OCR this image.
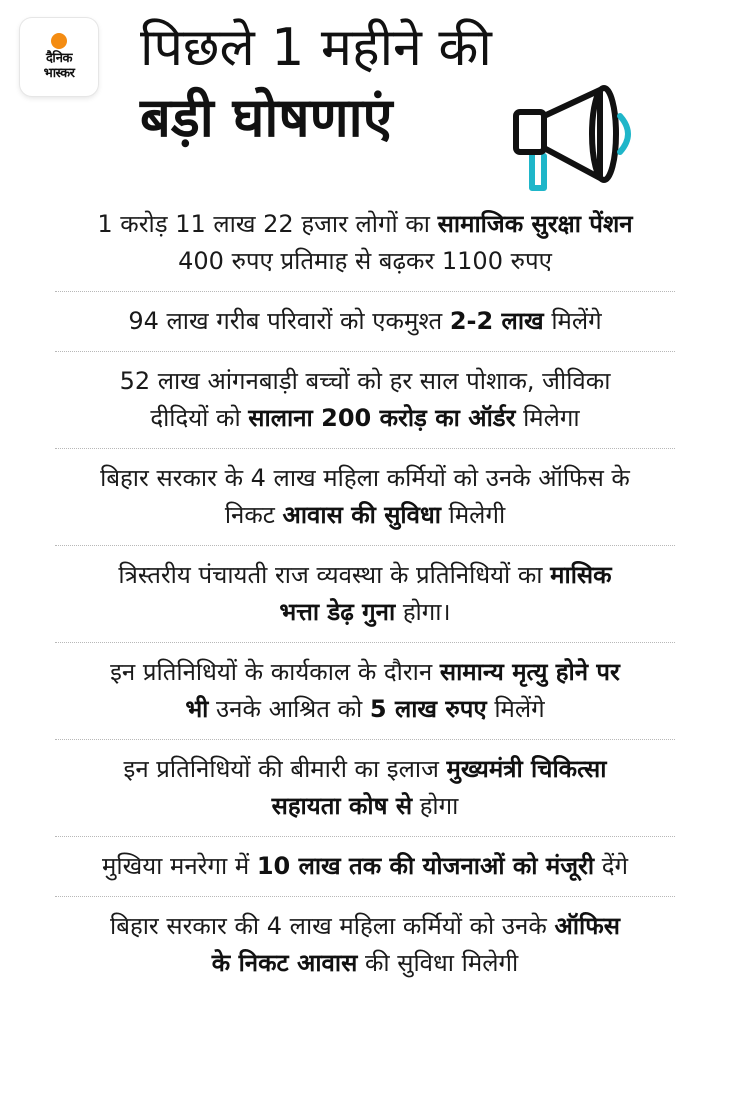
दैनिक
भास्कर पिछले 1 महीने की
बड़ी घोषणाएं
1 करोड़ 11 लाख 22 हजार लोगों का सामाजिक सुरक्षा पेंशन
400 रुपए प्रतिमाह से बढ़कर 1100 रुपए
94 लाख गरीब परिवारों को एकमुश्त 2-2 लाख मिलेंगे
52 लाख आंगनबाड़ी बच्चों को हर साल पोशाक, जीविका
दीदियों को सालाना 200 करोड़ का ऑर्डर मिलेगा
बिहार सरकार के 4 लाख महिला कर्मियों को उनके ऑफिस के
निकट आवास की सुविधा मिलेगी
त्रिस्तरीय पंचायती राज व्यवस्था के प्रतिनिधियों का मासिक
भत्ता डेढ़ गुना होगा।
इन प्रतिनिधियों के कार्यकाल के दौरान सामान्य मृत्यु होने पर
भी उनके आश्रित को 5 लाख रुपए मिलेंगे
इन प्रतिनिधियों की बीमारी का इलाज मुख्यमंत्री चिकित्सा
सहायता कोष से होगा
मुखिया मनरेगा में 10 लाख तक की योजनाओं को मंजूरी देंगे
बिहार सरकार की 4 लाख महिला कर्मियों को उनके ऑफिस
के निकट आवास की सुविधा मिलेगी
